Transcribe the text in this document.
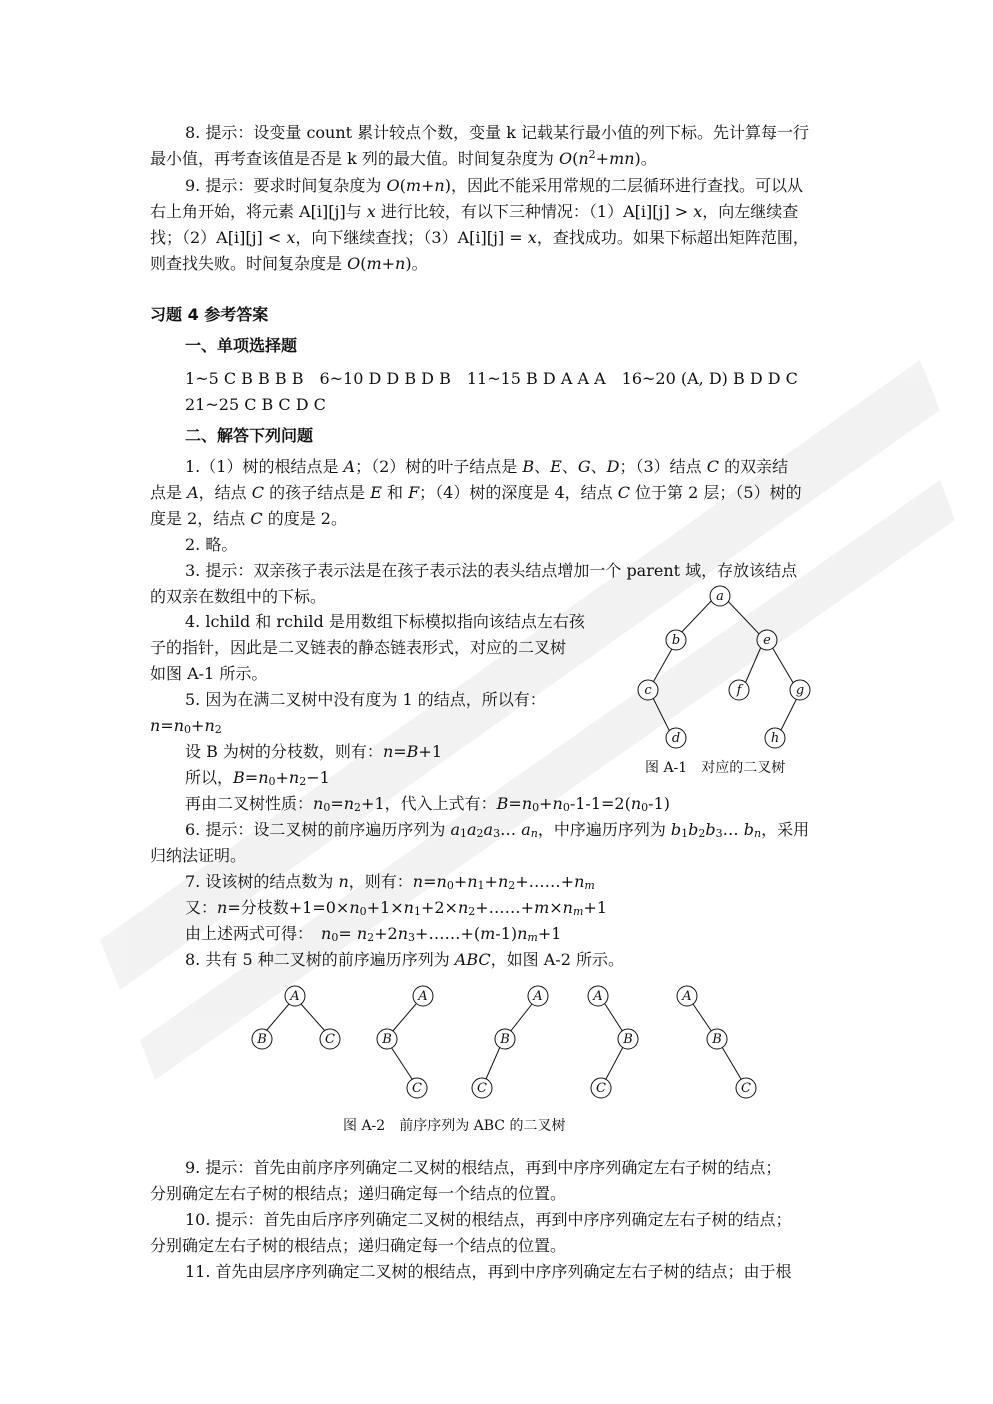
8. 提示：设变量 count 累计较点个数，变量 k 记载某行最小值的列下标。先计算每一行
最小值，再考查该值是否是 k 列的最大值。时间复杂度为 $O(n^2+mn)$。
9. 提示：要求时间复杂度为 O(m+n)，因此不能采用常规的二层循环进行查找。可以从
右上角开始，将元素 A[i][j]与 x 进行比较，有以下三种情况：（1）A[i][j] > x，向左继续查
找；（2）A[i][j] < x，向下继续查找；（3）A[i][j] = x，查找成功。如果下标超出矩阵范围，
则查找失败。时间复杂度是 O(m+n)。
习题 4 参考答案
一、单项选择题
1~5 C B B B B　6~10 D D B D B　11~15 B D A A A　16~20 (A, D) B D D C
21~25 C B C D C
二、解答下列问题
1.（1）树的根结点是 A；（2）树的叶子结点是 B、E、G、D；（3）结点 C 的双亲结
点是 A，结点 C 的孩子结点是 E 和 F；（4）树的深度是 4，结点 C 位于第 2 层；（5）树的
度是 2，结点 C 的度是 2。
2. 略。
3. 提示：双亲孩子表示法是在孩子表示法的表头结点增加一个 parent 域，存放该结点
的双亲在数组中的下标。
4. lchild 和 rchild 是用数组下标模拟指向该结点左右孩
子的指针，因此是二叉链表的静态链表形式，对应的二叉树
如图 A-1 所示。
5. 因为在满二叉树中没有度为 1 的结点，所以有：
$n=n_0+n_2$
设 B 为树的分枝数，则有：n=B+1
所以，$B=n_0+n_2-1$
再由二叉树性质：$n_0=n_2+1$，代入上式有：$B=n_0+n_0-1-1=2(n_0-1)$
6. 提示：设二叉树的前序遍历序列为 $a_1a_2a_3\dots$ $a_n$，中序遍历序列为 $b_1b_2b_3\dots$ $b_n$，采用
归纳法证明。
7. 设该树的结点数为 n，则有：$n=n_0+n_1+n_2+\dots\dots+n_m$
又：n=分枝数$+1=0\times n_0+1\times n_1+2\times n_2+\dots\dots+m\times n_m+1$
由上述两式可得：　$n_0=$ $n_2+2n_3+\dots\dots+(m-1)n_m+1$
8. 共有 5 种二叉树的前序遍历序列为 ABC，如图 A-2 所示。
9. 提示：首先由前序序列确定二叉树的根结点，再到中序序列确定左右子树的结点；
分别确定左右子树的根结点；递归确定每一个结点的位置。
10. 提示：首先由后序序列确定二叉树的根结点，再到中序序列确定左右子树的结点；
分别确定左右子树的根结点；递归确定每一个结点的位置。
11. 首先由层序序列确定二叉树的根结点，再到中序序列确定左右子树的结点；由于根
a
b	e
c	f	g
d	h
图 A-1　对应的二叉树
A
B	C
A
B
C
A
B
C
A
B
C
A
B
C
图 A-2　前序序列为 ABC 的二叉树
